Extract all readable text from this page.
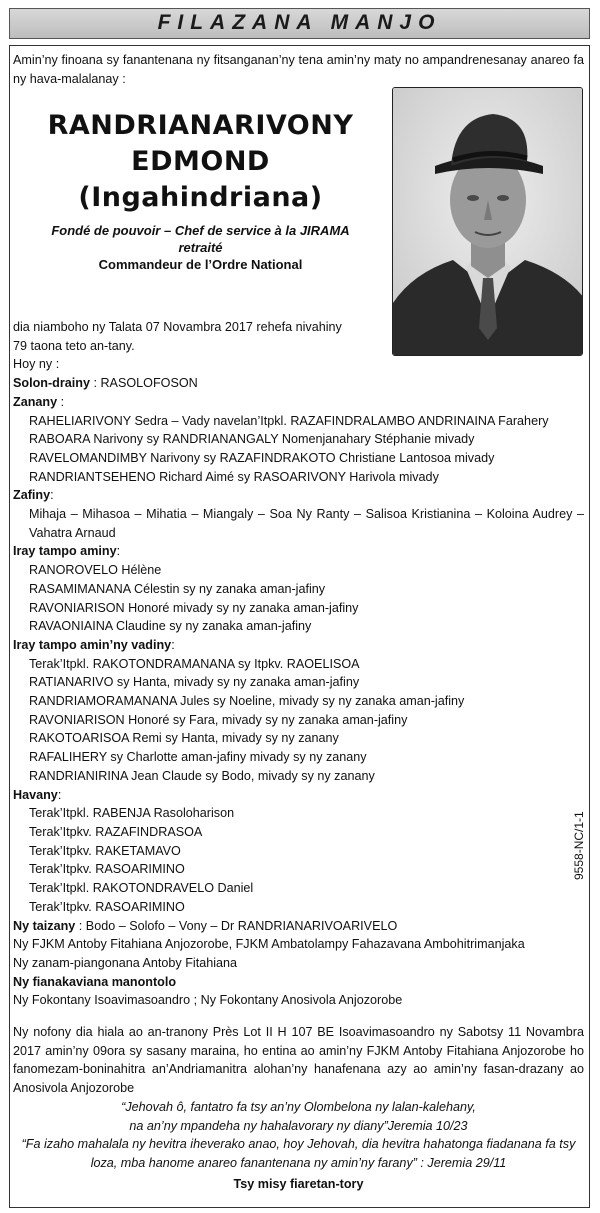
FILAZANA MANJO
Amin’ny finoana sy fanantenana ny fitsanganan’ny tena amin’ny maty no ampandrenesanay anareo fa ny hava-malalanay :
RANDRIANARIVONY
EDMOND
(Ingahindriana)
Fondé de pouvoir – Chef de service à la JIRAMA
retraité
Commandeur de l’Ordre National
dia niamboho ny Talata 07 Novambra 2017 rehefa nivahiny
79 taona teto an-tany.
Hoy ny :
Solon-drainy : RASOLOFOSON
Zanany :
RAHELIARIVONY Sedra – Vady navelan’Itpkl. RAZAFINDRALAMBO ANDRINAINA Farahery
RABOARA Narivony sy RANDRIANANGALY Nomenjanahary Stéphanie mivady
RAVELOMANDIMBY Narivony sy RAZAFINDRAKOTO Christiane Lantosoa mivady
RANDRIANTSEHENO Richard Aimé sy RASOARIVONY Harivola mivady
Zafiny:
Mihaja – Mihasoa – Mihatia – Miangaly – Soa Ny Ranty – Salisoa Kristianina – Koloina Audrey – Vahatra Arnaud
Iray tampo aminy:
RANOROVELO Hélène
RASAMIMANANA Célestin sy ny zanaka aman-jafiny
RAVONIARISON Honoré mivady sy ny zanaka aman-jafiny
RAVAONIAINA Claudine sy ny zanaka aman-jafiny
Iray tampo amin’ny vadiny:
Terak’Itpkl. RAKOTONDRAMANANA sy Itpkv. RAOELISOA
RATIANARIVO sy Hanta, mivady sy ny zanaka aman-jafiny
RANDRIAMORAMANANA Jules sy Noeline, mivady sy ny zanaka aman-jafiny
RAVONIARISON Honoré sy Fara, mivady sy ny zanaka aman-jafiny
RAKOTOARISOA Remi sy Hanta, mivady sy ny zanany
RAFALIHERY sy Charlotte aman-jafiny mivady sy ny zanany
RANDRIANIRINA Jean Claude sy Bodo, mivady sy ny zanany
Havany:
Terak’Itpkl. RABENJA Rasoloharison
Terak’Itpkv. RAZAFINDRASOA
Terak’Itpkv. RAKETAMAVO
Terak’Itpkv. RASOARIMINO
Terak’Itpkl. RAKOTONDRAVELO Daniel
Terak’Itpkv. RASOARIMINO
Ny taizany : Bodo – Solofo – Vony – Dr RANDRIANARIVOARIVELO
Ny FJKM Antoby Fitahiana Anjozorobe, FJKM Ambatolampy Fahazavana Ambohitrimanjaka
Ny zanam-piangonana Antoby Fitahiana
Ny fianakaviana manontolo
Ny Fokontany Isoavimasoandro ; Ny Fokontany Anosivola Anjozorobe
Ny nofony dia hiala ao an-tranony Près Lot II H 107 BE Isoavimasoandro ny Sabotsy 11 Novambra 2017 amin’ny 09ora sy sasany maraina, ho entina ao amin’ny FJKM Antoby Fitahiana Anjozorobe ho fanomezam-boninahitra an’Andriamanitra alohan’ny hanafenana azy ao amin’ny fasan-drazany ao Anosivola Anjozorobe
“Jehovah ô, fantatro fa tsy an’ny Olombelona ny lalan-kalehany,
na an’ny mpandeha ny hahalavorary ny diany”Jeremia 10/23
“Fa izaho mahalala ny hevitra iheverako anao, hoy Jehovah, dia hevitra hahatonga fiadanana fa tsy loza, mba hanome anareo fanantenana ny amin’ny farany” : Jeremia 29/11
Tsy misy fiaretan-tory
9558-NC/1-1
